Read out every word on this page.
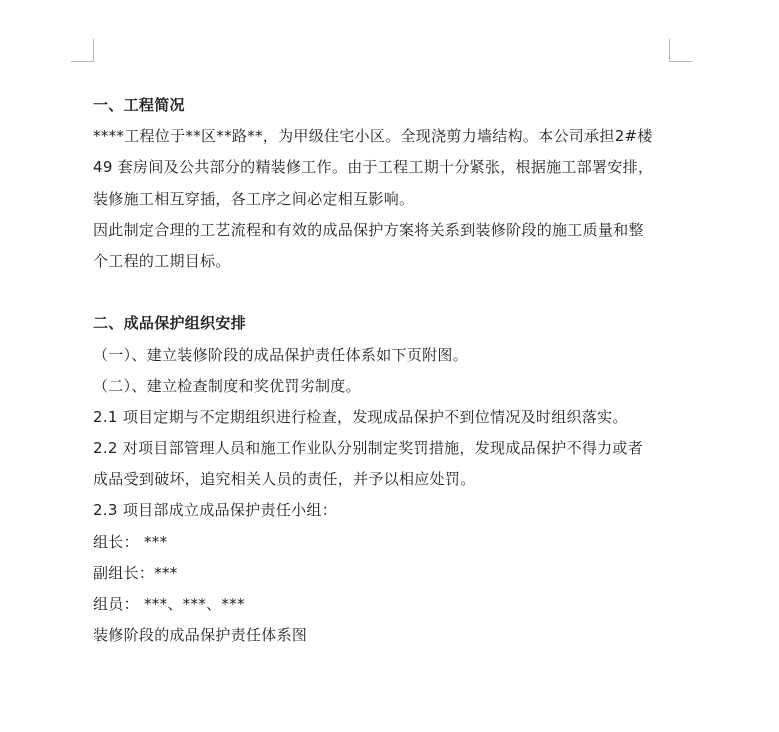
一、工程简况
****工程位于**区**路**，为甲级住宅小区。全现浇剪力墙结构。本公司承担2#楼
49 套房间及公共部分的精装修工作。由于工程工期十分紧张，根据施工部署安排，
装修施工相互穿插，各工序之间必定相互影响。
因此制定合理的工艺流程和有效的成品保护方案将关系到装修阶段的施工质量和整
个工程的工期目标。
二、成品保护组织安排
（一）、建立装修阶段的成品保护责任体系如下页附图。
（二）、建立检查制度和奖优罚劣制度。
2.1 项目定期与不定期组织进行检查，发现成品保护不到位情况及时组织落实。
2.2 对项目部管理人员和施工作业队分别制定奖罚措施，发现成品保护不得力或者
成品受到破坏，追究相关人员的责任，并予以相应处罚。
2.3 项目部成立成品保护责任小组：
组长： ***
副组长：***
组员： ***、***、***
装修阶段的成品保护责任体系图
